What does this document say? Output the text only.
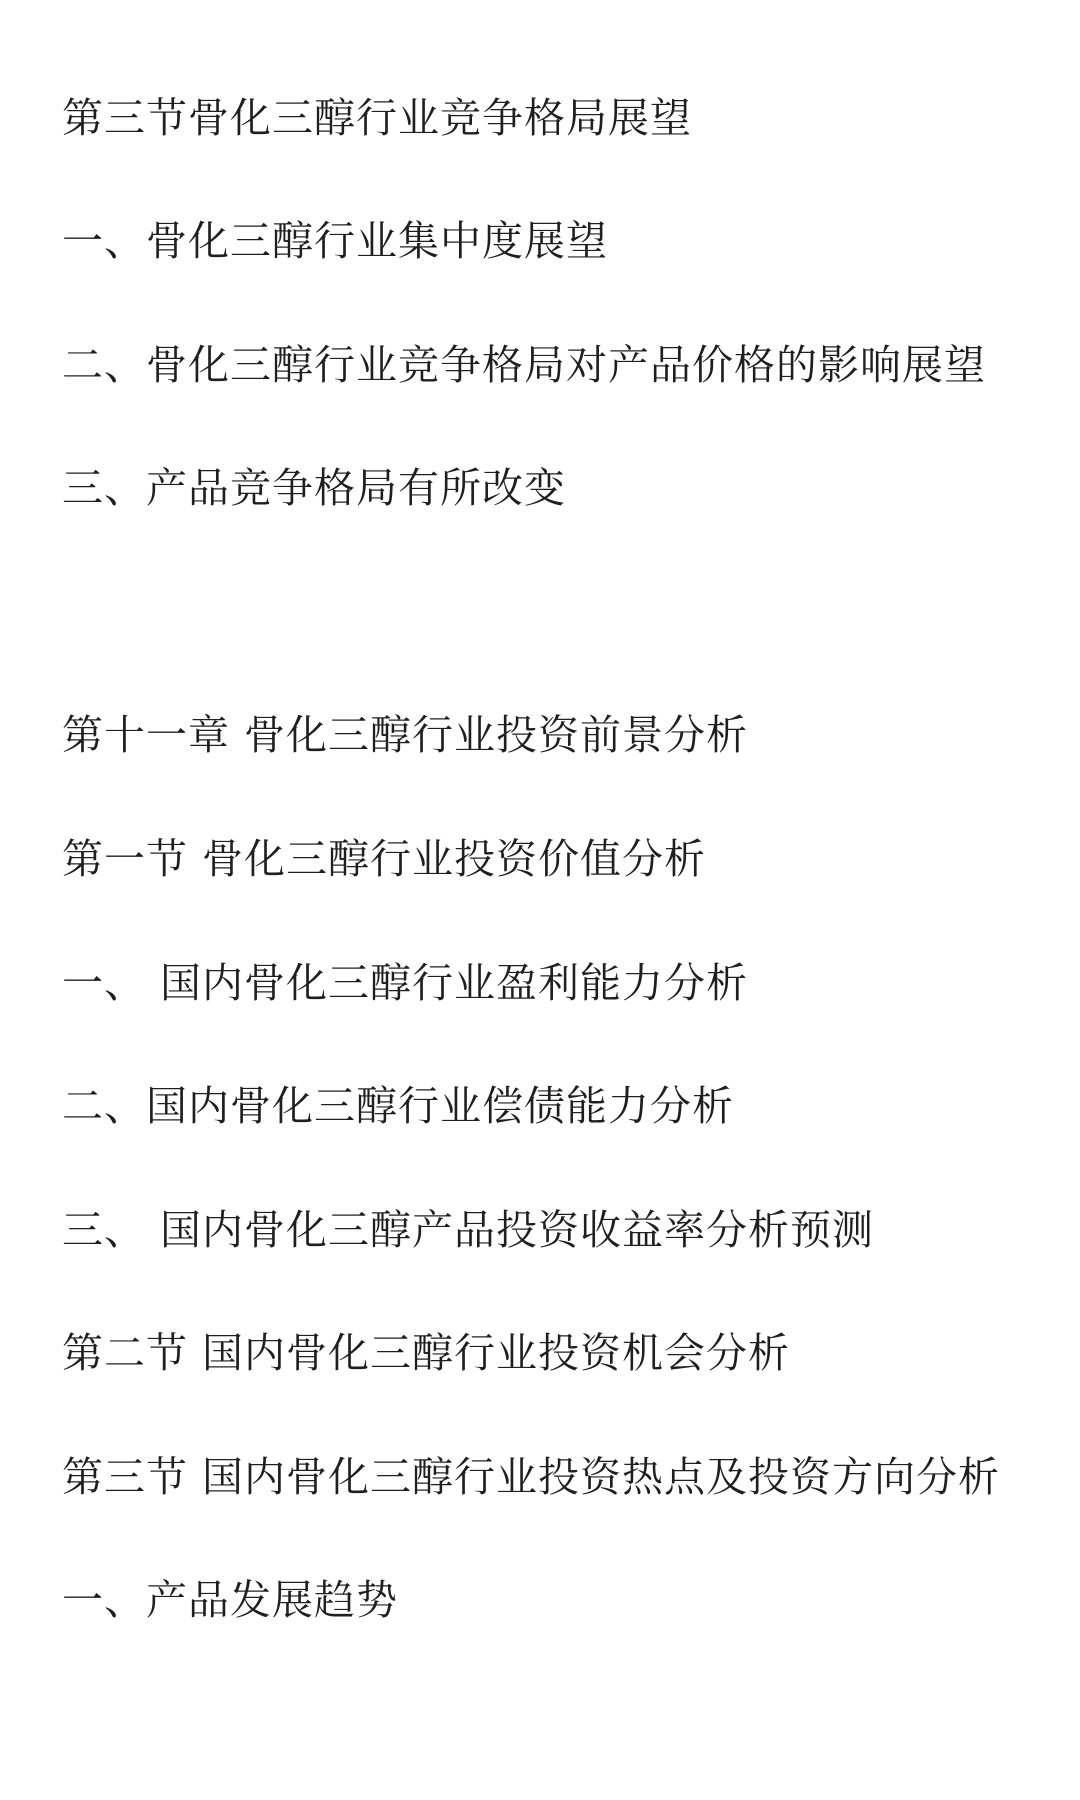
第三节骨化三醇行业竞争格局展望
一、骨化三醇行业集中度展望
二、骨化三醇行业竞争格局对产品价格的影响展望
三、产品竞争格局有所改变
第十一章 骨化三醇行业投资前景分析
第一节 骨化三醇行业投资价值分析
一、 国内骨化三醇行业盈利能力分析
二、国内骨化三醇行业偿债能力分析
三、 国内骨化三醇产品投资收益率分析预测
第二节 国内骨化三醇行业投资机会分析
第三节 国内骨化三醇行业投资热点及投资方向分析
一、产品发展趋势
